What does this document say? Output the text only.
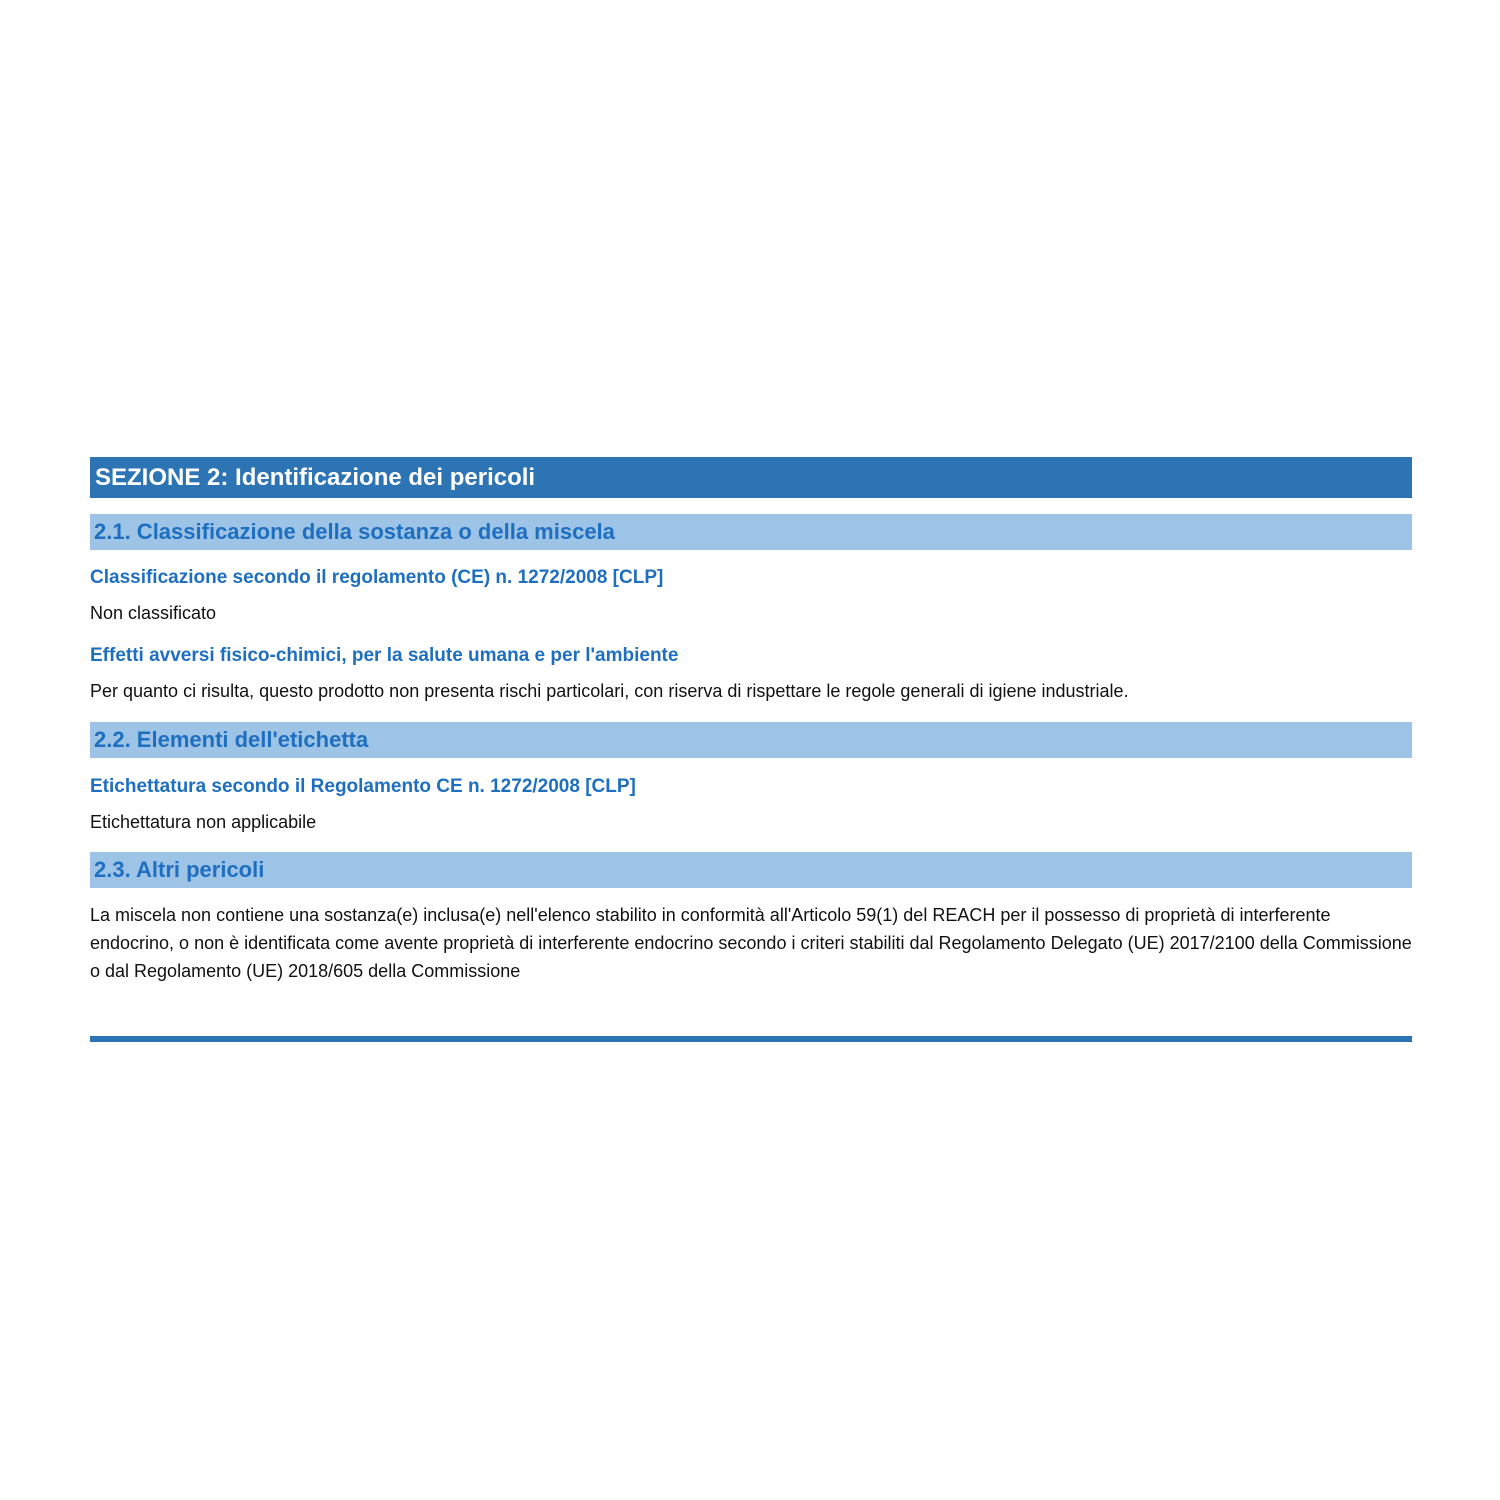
SEZIONE 2: Identificazione dei pericoli
2.1. Classificazione della sostanza o della miscela
Classificazione secondo il regolamento (CE) n. 1272/2008 [CLP]
Non classificato
Effetti avversi fisico-chimici, per la salute umana e per l'ambiente
Per quanto ci risulta, questo prodotto non presenta rischi particolari, con riserva di rispettare le regole generali di igiene industriale.
2.2. Elementi dell'etichetta
Etichettatura secondo il Regolamento CE n. 1272/2008 [CLP]
Etichettatura non applicabile
2.3. Altri pericoli
La miscela non contiene una sostanza(e) inclusa(e) nell'elenco stabilito in conformità all'Articolo 59(1) del REACH per il possesso di proprietà di interferente endocrino, o non è identificata come avente proprietà di interferente endocrino secondo i criteri stabiliti dal Regolamento Delegato (UE) 2017/2100 della Commissione o dal Regolamento (UE) 2018/605 della Commissione
